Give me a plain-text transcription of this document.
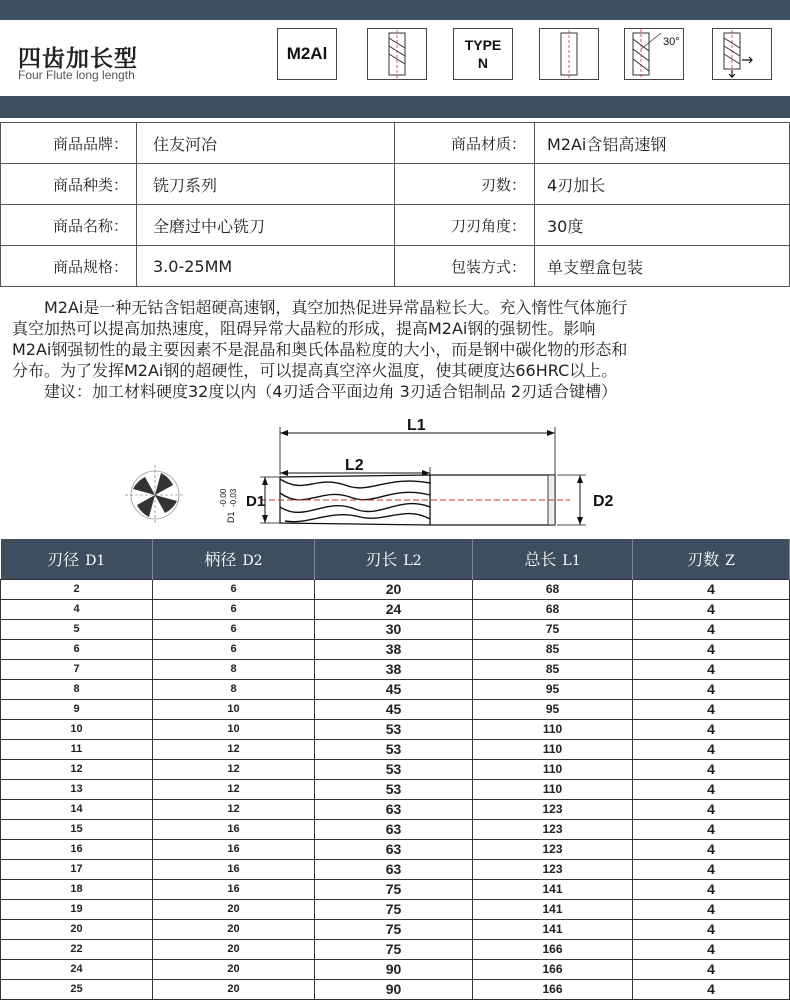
四齿加长型
Four Flute long length
M2Al	TYPE
N
30°
商品品牌：	住友河冶	商品材质：	M2Ai含铝高速钢
商品种类：	铣刀系列	刃数：	4刃加长
商品名称：	全磨过中心铣刀	刀刃角度：	30度
商品规格：	3.0-25MM	包装方式：	单支塑盒包装

M2Ai是一种无钴含铝超硬高速钢，真空加热促进异常晶粒长大。充入惰性气体施行

真空加热可以提高加热速度，阻碍异常大晶粒的形成，提高M2Ai钢的强韧性。影响

M2Ai钢强韧性的最主要因素不是混晶和奥氏体晶粒度的大小，而是钢中碳化物的形态和

分布。为了发挥M2Ai钢的超硬性，可以提高真空淬火温度，使其硬度达66HRC以上。

建议：加工材料硬度32度以内（4刃适合平面边角 3刃适合铝制品 2刃适合键槽）

L1
L2
D1
D1
-0.00 -0.03	D2
刃径 D1	柄径 D2	刃长 L2	总长 L1	刃数 Z
2	6	20	68	4
4	6	24	68	4
5	6	30	75	4
6	6	38	85	4
7	8	38	85	4
8	8	45	95	4
9	10	45	95	4
10	10	53	110	4
11	12	53	110	4
12	12	53	110	4
13	12	53	110	4
14	12	63	123	4
15	16	63	123	4
16	16	63	123	4
17	16	63	123	4
18	16	75	141	4
19	20	75	141	4
20	20	75	141	4
22	20	75	166	4
24	20	90	166	4
25	20	90	166	4
